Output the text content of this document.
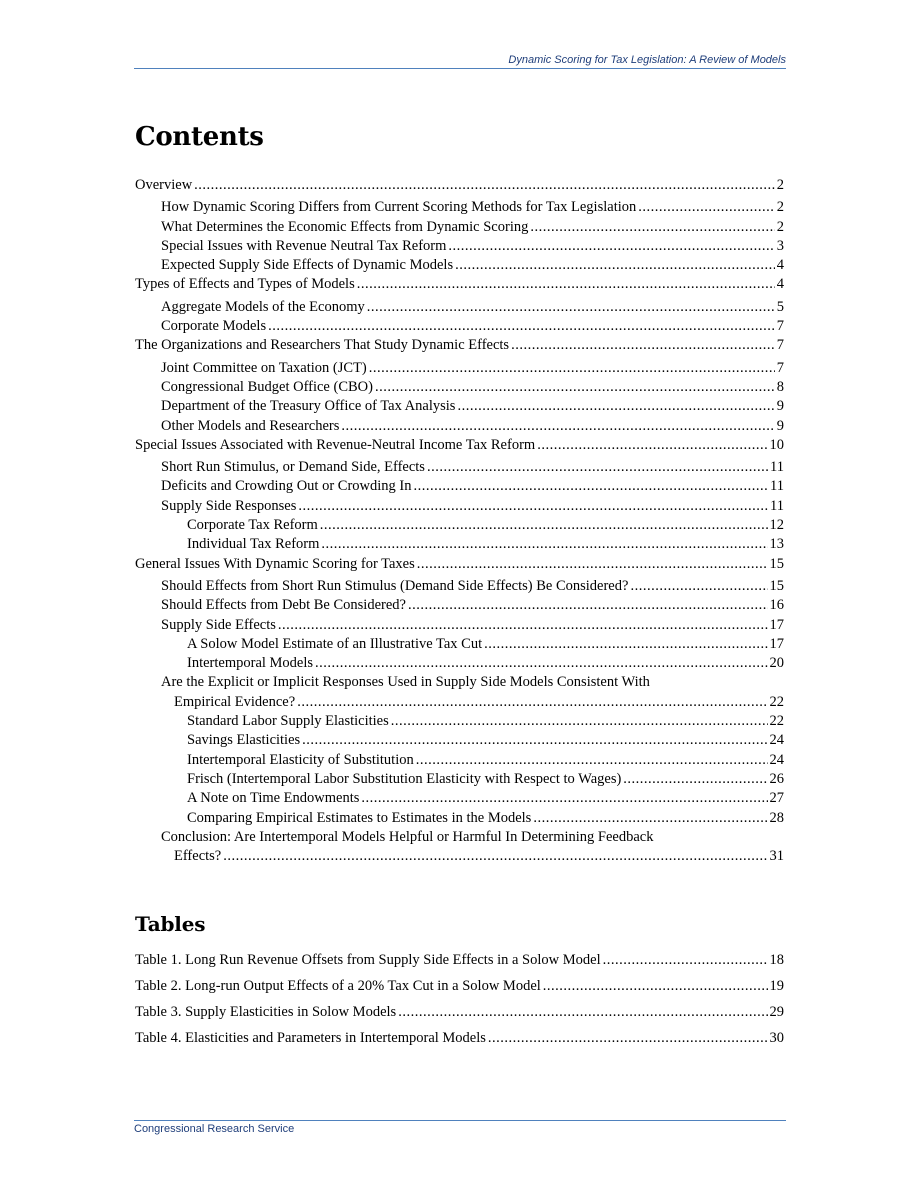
Dynamic Scoring for Tax Legislation: A Review of Models
Contents
Overview .....	2
How Dynamic Scoring Differs from Current Scoring Methods for Tax Legislation .....	2
What Determines the Economic Effects from Dynamic Scoring .....	2
Special Issues with Revenue Neutral Tax Reform .....	3
Expected Supply Side Effects of Dynamic Models .....	4
Types of Effects and Types of Models .....	4
Aggregate Models of the Economy .....	5
Corporate Models .....	7
The Organizations and Researchers That Study Dynamic Effects .....	7
Joint Committee on Taxation (JCT) .....	7
Congressional Budget Office (CBO) .....	8
Department of the Treasury Office of Tax Analysis .....	9
Other Models and Researchers .....	9
Special Issues Associated with Revenue-Neutral Income Tax Reform .....	10
Short Run Stimulus, or Demand Side, Effects .....	11
Deficits and Crowding Out or Crowding In .....	11
Supply Side Responses .....	11
Corporate Tax Reform .....	12
Individual Tax Reform .....	13
General Issues With Dynamic Scoring for Taxes .....	15
Should Effects from Short Run Stimulus (Demand Side Effects) Be Considered? .....	15
Should Effects from Debt Be Considered? .....	16
Supply Side Effects .....	17
A Solow Model Estimate of an Illustrative Tax Cut .....	17
Intertemporal Models .....	20
Are the Explicit or Implicit Responses Used in Supply Side Models Consistent With
Empirical Evidence? .....	22
Standard Labor Supply Elasticities .....	22
Savings Elasticities .....	24
Intertemporal Elasticity of Substitution .....	24
Frisch (Intertemporal Labor Substitution Elasticity with Respect to Wages) .....	26
A Note on Time Endowments .....	27
Comparing Empirical Estimates to Estimates in the Models .....	28
Conclusion: Are Intertemporal Models Helpful or Harmful In Determining Feedback
Effects? .....	31
Tables
Table 1. Long Run Revenue Offsets from Supply Side Effects in a Solow Model .....	18
Table 2. Long-run Output Effects of a 20% Tax Cut in a Solow Model .....	19
Table 3. Supply Elasticities in Solow Models .....	29
Table 4. Elasticities and Parameters in Intertemporal Models .....	30
Congressional Research Service
